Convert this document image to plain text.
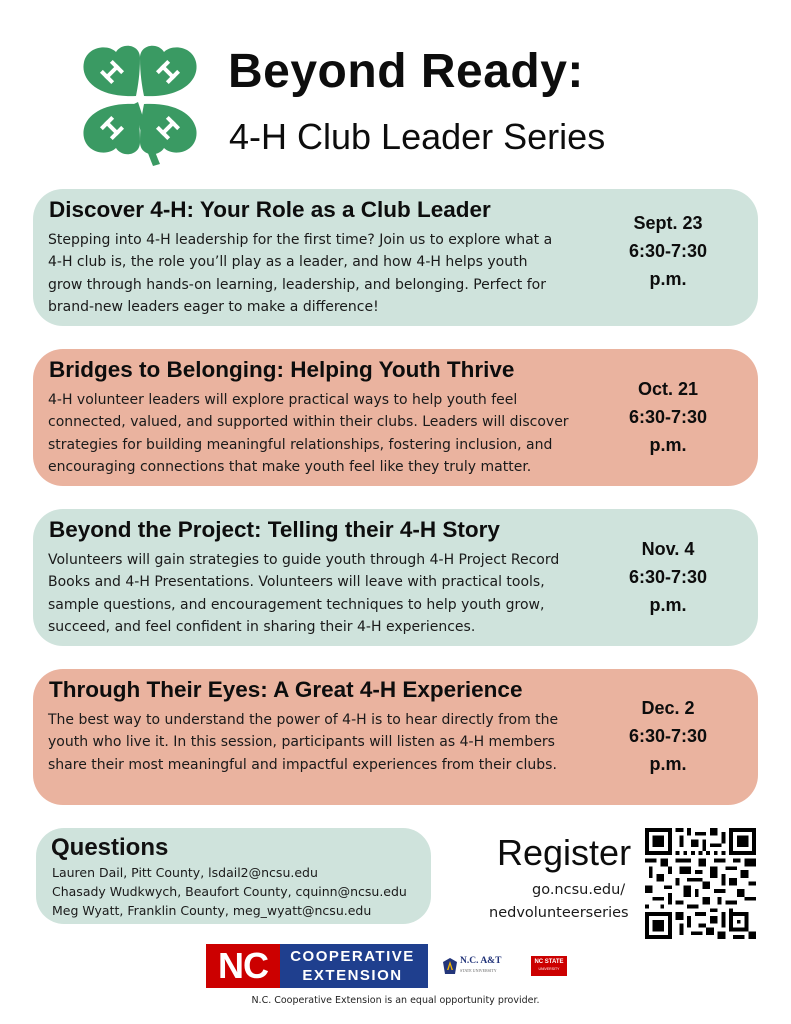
Beyond Ready:
4-H Club Leader Series
Discover 4-H: Your Role as a Club Leader
Stepping into 4-H leadership for the first time? Join us to explore what a
4-H club is, the role you’ll play as a leader, and how 4-H helps youth
grow through hands-on learning, leadership, and belonging. Perfect for
brand-new leaders eager to make a difference!
Sept. 23
6:30-7:30
p.m.
Bridges to Belonging: Helping Youth Thrive
4-H volunteer leaders will explore practical ways to help youth feel
connected, valued, and supported within their clubs. Leaders will discover
strategies for building meaningful relationships, fostering inclusion, and
encouraging connections that make youth feel like they truly matter.
Oct. 21
6:30-7:30
p.m.
Beyond the Project: Telling their 4-H Story
Volunteers will gain strategies to guide youth through 4-H Project Record
Books and 4-H Presentations. Volunteers will leave with practical tools,
sample questions, and encouragement techniques to help youth grow,
succeed, and feel confident in sharing their 4-H experiences.
Nov. 4
6:30-7:30
p.m.
Through Their Eyes: A Great 4-H Experience
The best way to understand the power of 4-H is to hear directly from the
youth who live it. In this session, participants will listen as 4-H members
share their most meaningful and impactful experiences from their clubs.
Dec. 2
6:30-7:30
p.m.
Questions
Lauren Dail, Pitt County, lsdail2@ncsu.edu
Chasady Wudkwych, Beaufort County, cquinn@ncsu.edu
Meg Wyatt, Franklin County, meg_wyatt@ncsu.edu
Register
go.ncsu.edu/
nedvolunteerseries
NC	COOPERATIVE
EXTENSION
N.C. A&T
STATE UNIVERSITY
NC STATE
UNIVERSITY
N.C. Cooperative Extension is an equal opportunity provider.
